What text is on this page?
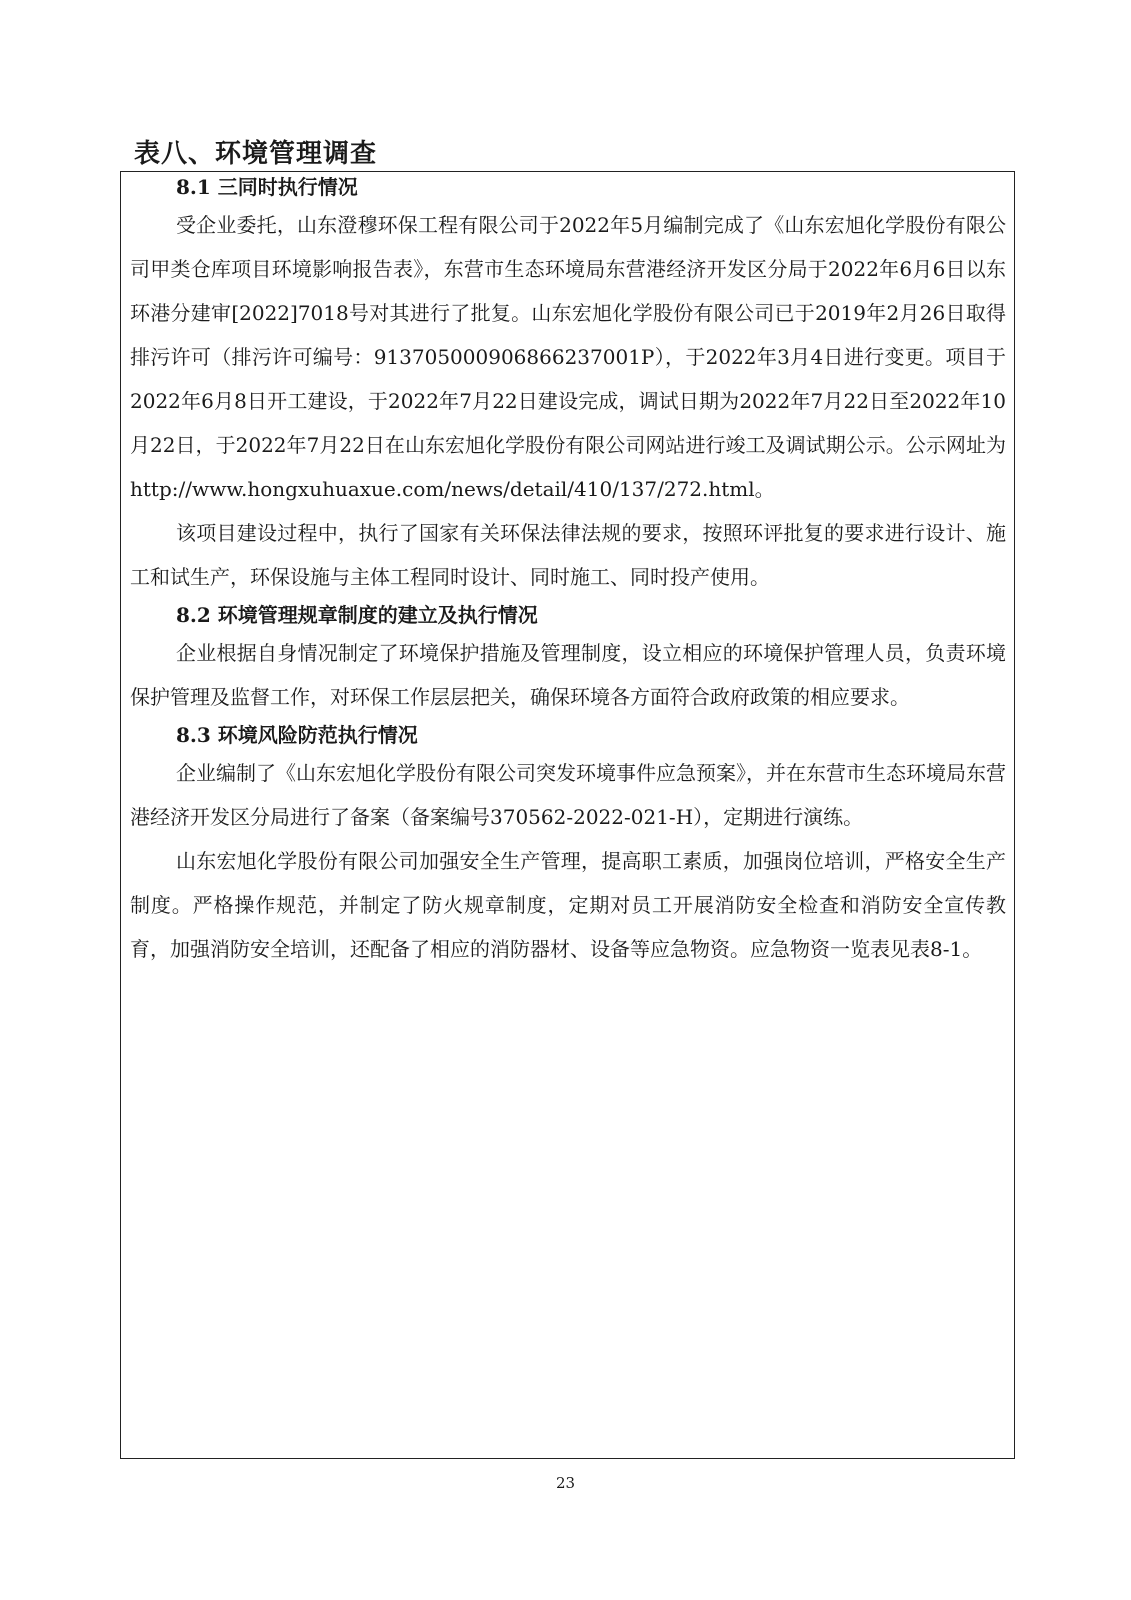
表八、环境管理调查

8.1 三同时执行情况

受企业委托，山东澄穆环保工程有限公司于2022年5月编制完成了《山东宏旭化学股份有限公司甲类仓库项目环境影响报告表》，东营市生态环境局东营港经济开发区分局于2022年6月6日以东环港分建审[2022]7018号对其进行了批复。山东宏旭化学股份有限公司已于2019年2月26日取得排污许可（排污许可编号：913705000906866237001P），于2022年3月4日进行变更。项目于2022年6月8日开工建设，于2022年7月22日建设完成，调试日期为2022年7月22日至2022年10月22日，于2022年7月22日在山东宏旭化学股份有限公司网站进行竣工及调试期公示。公示网址为http://www.hongxuhuaxue.com/news/detail/410/137/272.html。

该项目建设过程中，执行了国家有关环保法律法规的要求，按照环评批复的要求进行设计、施工和试生产，环保设施与主体工程同时设计、同时施工、同时投产使用。

8.2 环境管理规章制度的建立及执行情况

企业根据自身情况制定了环境保护措施及管理制度，设立相应的环境保护管理人员，负责环境保护管理及监督工作，对环保工作层层把关，确保环境各方面符合政府政策的相应要求。

8.3 环境风险防范执行情况

企业编制了《山东宏旭化学股份有限公司突发环境事件应急预案》，并在东营市生态环境局东营港经济开发区分局进行了备案（备案编号370562-2022-021-H），定期进行演练。

山东宏旭化学股份有限公司加强安全生产管理，提高职工素质，加强岗位培训，严格安全生产制度。严格操作规范，并制定了防火规章制度，定期对员工开展消防安全检查和消防安全宣传教育，加强消防安全培训，还配备了相应的消防器材、设备等应急物资。应急物资一览表见表8-1。

23
